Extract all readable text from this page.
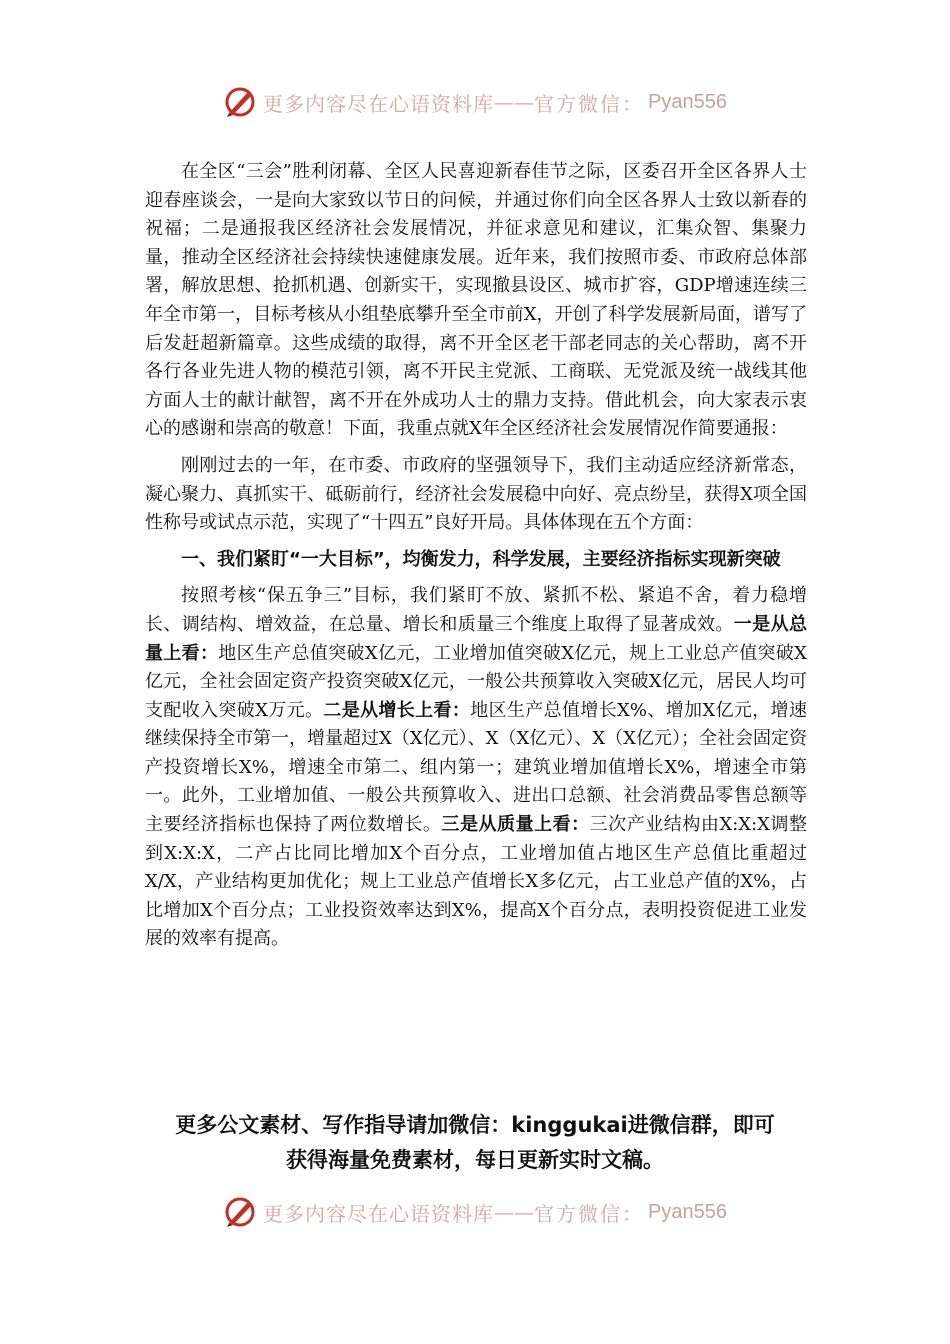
更多内容尽在心语资料库 —— 官方微信： Pyan556

在全区“三会”胜利闭幕、全区人民喜迎新春佳节之际，区委召开全区各界人士迎春座谈会，一是向大家致以节日的问候，并通过你们向全区各界人士致以新春的祝福；二是通报我区经济社会发展情况，并征求意见和建议，汇集众智、集聚力量，推动全区经济社会持续快速健康发展。近年来，我们按照市委、市政府总体部署，解放思想、抢抓机遇、创新实干，实现撤县设区、城市扩容，GDP增速连续三年全市第一，目标考核从小组垫底攀升至全市前X，开创了科学发展新局面，谱写了后发赶超新篇章。这些成绩的取得，离不开全区老干部老同志的关心帮助，离不开各行各业先进人物的模范引领，离不开民主党派、工商联、无党派及统一战线其他方面人士的献计献智，离不开在外成功人士的鼎力支持。借此机会，向大家表示衷心的感谢和崇高的敬意！下面，我重点就X年全区经济社会发展情况作简要通报：

刚刚过去的一年，在市委、市政府的坚强领导下，我们主动适应经济新常态，凝心聚力、真抓实干、砥砺前行，经济社会发展稳中向好、亮点纷呈，获得X项全国性称号或试点示范，实现了“十四五”良好开局。具体体现在五个方面：

一、我们紧盯“一大目标”，均衡发力，科学发展，主要经济指标实现新突破

按照考核“保五争三”目标，我们紧盯不放、紧抓不松、紧追不舍，着力稳增长、调结构、增效益，在总量、增长和质量三个维度上取得了显著成效。一是从总量上看：地区生产总值突破X亿元，工业增加值突破X亿元，规上工业总产值突破X亿元，全社会固定资产投资突破X亿元，一般公共预算收入突破X亿元，居民人均可支配收入突破X万元。二是从增长上看：地区生产总值增长X%、增加X亿元，增速继续保持全市第一，增量超过X（X亿元）、X（X亿元）、X（X亿元）；全社会固定资产投资增长X%，增速全市第二、组内第一；建筑业增加值增长X%，增速全市第一。此外，工业增加值、一般公共预算收入、进出口总额、社会消费品零售总额等主要经济指标也保持了两位数增长。三是从质量上看：三次产业结构由X:X:X调整到X:X:X，二产占比同比增加X个百分点，工业增加值占地区生产总值比重超过X/X，产业结构更加优化；规上工业总产值增长X多亿元，占工业总产值的X%，占比增加X个百分点；工业投资效率达到X%，提高X个百分点，表明投资促进工业发展的效率有提高。

更多公文素材、写作指导请加微信：kinggukai进微信群，即可
获得海量免费素材，每日更新实时文稿。
更多内容尽在心语资料库 —— 官方微信： Pyan556
